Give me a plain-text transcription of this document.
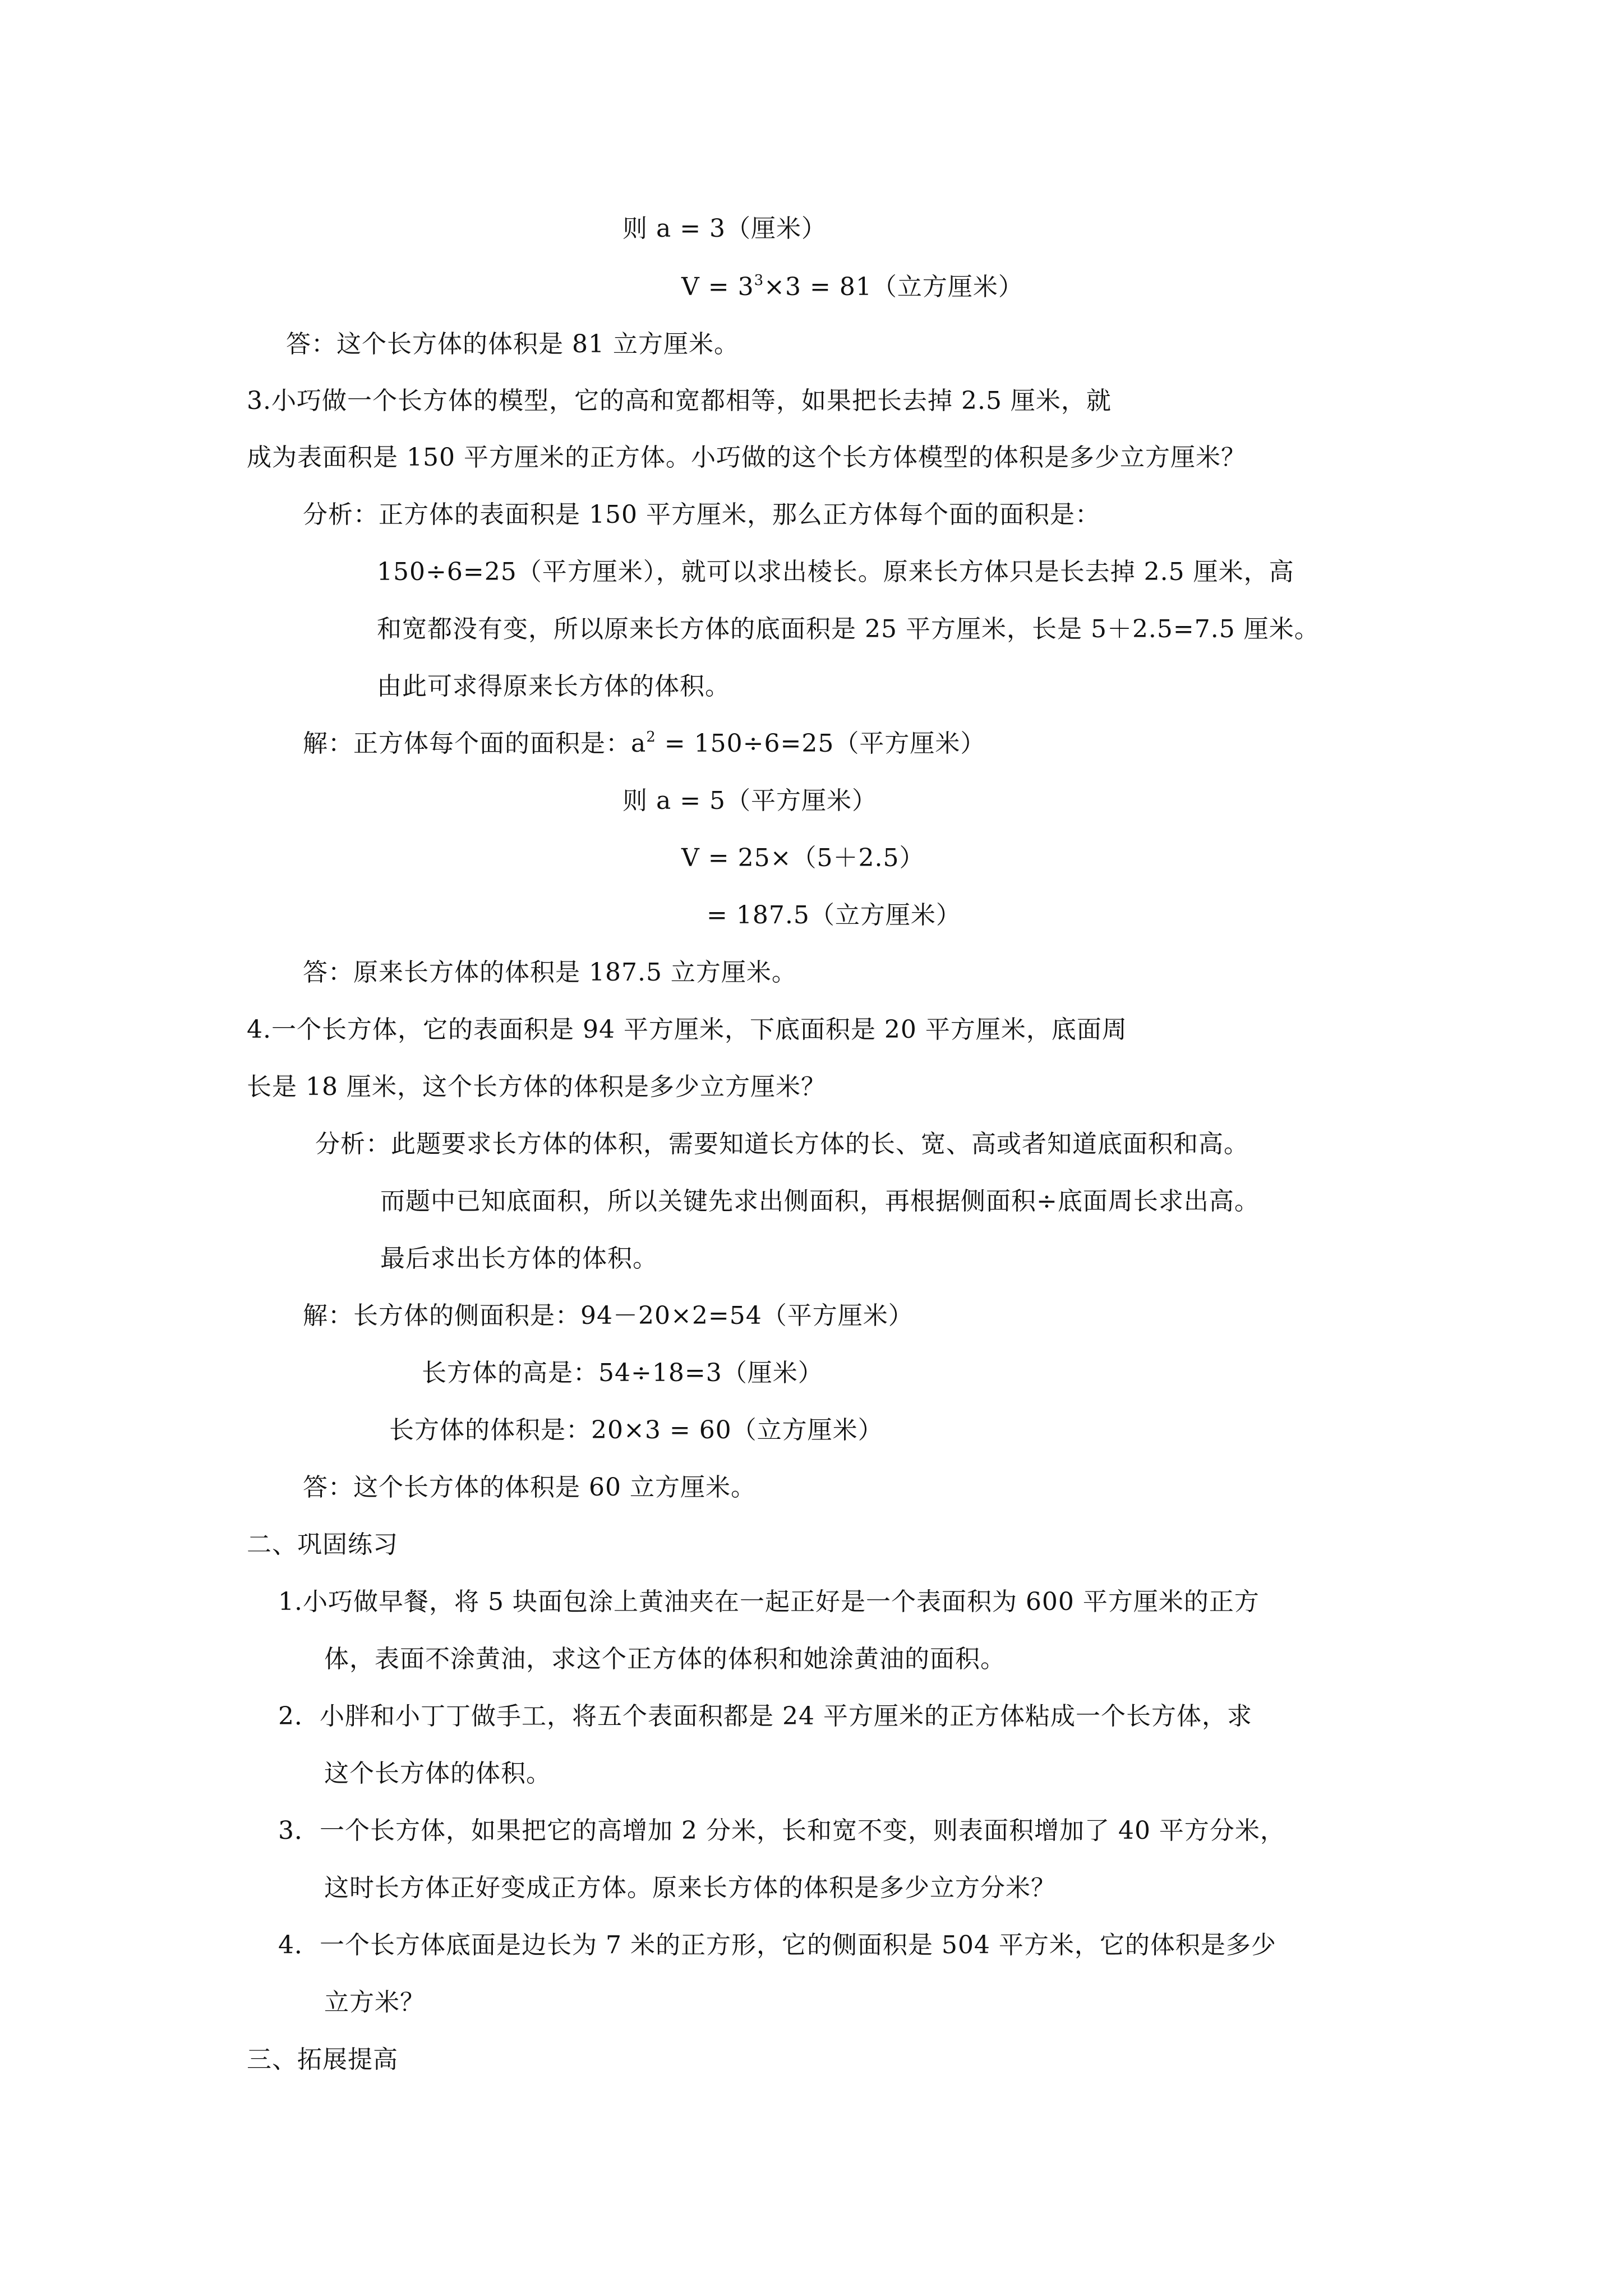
则 a = 3（厘米）
$V = 3^3\times 3 = 81$（立方厘米）
答：这个长方体的体积是 81 立方厘米。
3.小巧做一个长方体的模型，它的高和宽都相等，如果把长去掉 2.5 厘米，就
成为表面积是 150 平方厘米的正方体。小巧做的这个长方体模型的体积是多少立方厘米？
分析：正方体的表面积是 150 平方厘米，那么正方体每个面的面积是：
150÷6=25（平方厘米），就可以求出棱长。原来长方体只是长去掉 2.5 厘米，高
和宽都没有变，所以原来长方体的底面积是 25 平方厘米，长是 5＋2.5=7.5 厘米。
由此可求得原来长方体的体积。
解：正方体每个面的面积是：$a^2 = 150\div 6=25$（平方厘米）
则 a = 5（平方厘米）
V = 25×（5＋2.5）
= 187.5（立方厘米）
答：原来长方体的体积是 187.5 立方厘米。
4.一个长方体，它的表面积是 94 平方厘米，下底面积是 20 平方厘米，底面周
长是 18 厘米，这个长方体的体积是多少立方厘米？
分析：此题要求长方体的体积，需要知道长方体的长、宽、高或者知道底面积和高。
而题中已知底面积，所以关键先求出侧面积，再根据侧面积÷底面周长求出高。
最后求出长方体的体积。
解：长方体的侧面积是：94－20×2=54（平方厘米）
长方体的高是：54÷18=3（厘米）
长方体的体积是：20×3 = 60（立方厘米）
答：这个长方体的体积是 60 立方厘米。
二、巩固练习
1.小巧做早餐，将 5 块面包涂上黄油夹在一起正好是一个表面积为 600 平方厘米的正方
体，表面不涂黄油，求这个正方体的体积和她涂黄油的面积。
2．小胖和小丁丁做手工，将五个表面积都是 24 平方厘米的正方体粘成一个长方体，求
这个长方体的体积。
3．一个长方体，如果把它的高增加 2 分米，长和宽不变，则表面积增加了 40 平方分米，
这时长方体正好变成正方体。原来长方体的体积是多少立方分米？
4．一个长方体底面是边长为 7 米的正方形，它的侧面积是 504 平方米，它的体积是多少
立方米？
三、拓展提高
